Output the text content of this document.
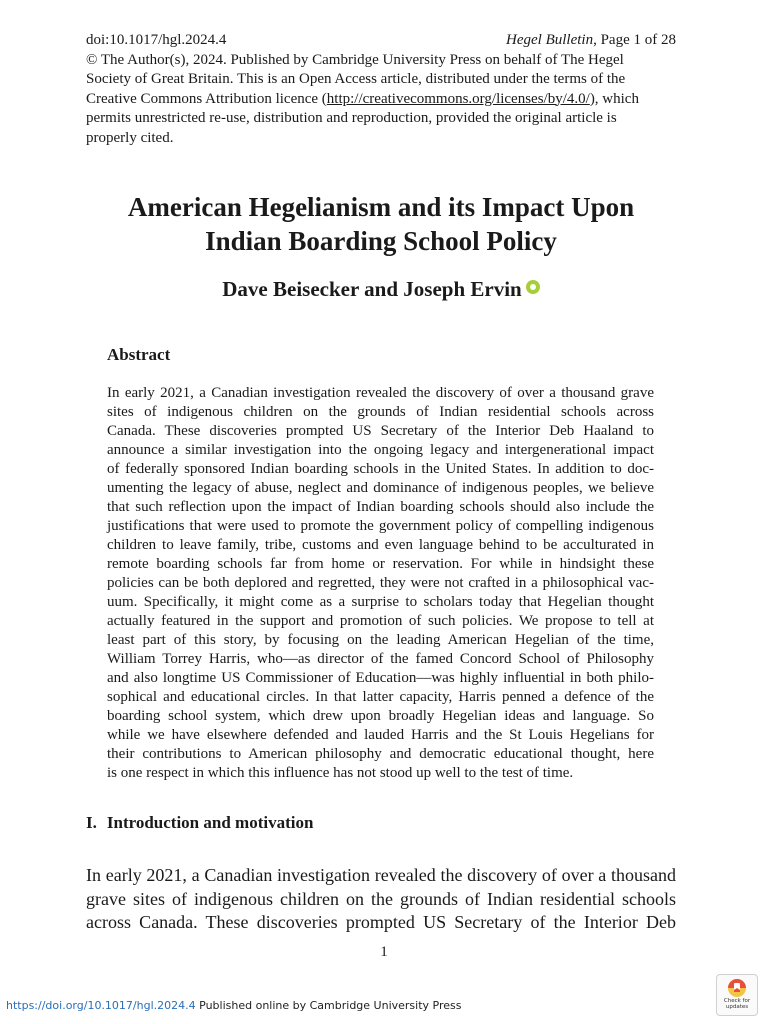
doi:10.1017/hgl.2024.4	Hegel Bulletin, Page 1 of 28
© The Author(s), 2024. Published by Cambridge University Press on behalf of The Hegel
Society of Great Britain. This is an Open Access article, distributed under the terms of the
Creative Commons Attribution licence (http://creativecommons.org/licenses/by/4.0/), which
permits unrestricted re-use, distribution and reproduction, provided the original article is
properly cited.
American Hegelianism and its Impact Upon
Indian Boarding School Policy
Dave Beisecker and Joseph Ervin
Abstract
In early 2021, a Canadian investigation revealed the discovery of over a thousand grave
sites of indigenous children on the grounds of Indian residential schools across
Canada. These discoveries prompted US Secretary of the Interior Deb Haaland to
announce a similar investigation into the ongoing legacy and intergenerational impact
of federally sponsored Indian boarding schools in the United States. In addition to doc-
umenting the legacy of abuse, neglect and dominance of indigenous peoples, we believe
that such reflection upon the impact of Indian boarding schools should also include the
justifications that were used to promote the government policy of compelling indigenous
children to leave family, tribe, customs and even language behind to be acculturated in
remote boarding schools far from home or reservation. For while in hindsight these
policies can be both deplored and regretted, they were not crafted in a philosophical vac-
uum. Specifically, it might come as a surprise to scholars today that Hegelian thought
actually featured in the support and promotion of such policies. We propose to tell at
least part of this story, by focusing on the leading American Hegelian of the time,
William Torrey Harris, who—as director of the famed Concord School of Philosophy
and also longtime US Commissioner of Education—was highly influential in both philo-
sophical and educational circles. In that latter capacity, Harris penned a defence of the
boarding school system, which drew upon broadly Hegelian ideas and language. So
while we have elsewhere defended and lauded Harris and the St Louis Hegelians for
their contributions to American philosophy and democratic educational thought, here
is one respect in which this influence has not stood up well to the test of time.
I. Introduction and motivation
In early 2021, a Canadian investigation revealed the discovery of over a thousand
grave sites of indigenous children on the grounds of Indian residential schools
across Canada. These discoveries prompted US Secretary of the Interior Deb
1
https://doi.org/10.1017/hgl.2024.4 Published online by Cambridge University Press	Check for
updates
